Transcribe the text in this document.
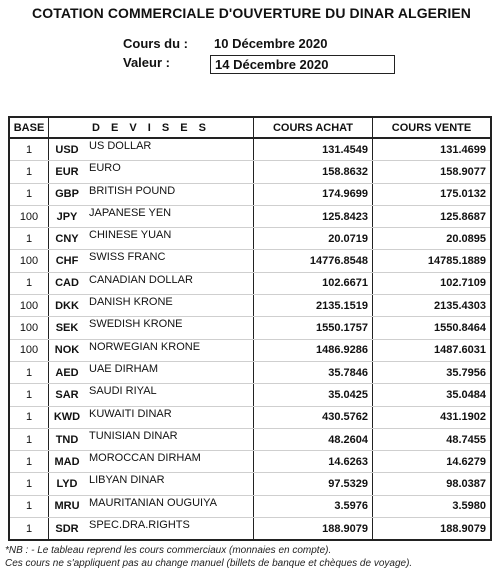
COTATION COMMERCIALE D'OUVERTURE DU DINAR ALGERIEN
Cours du : 10 Décembre 2020
Valeur :	14 Décembre 2020
BASE	D E V I S E S		COURS ACHAT	COURS VENTE
1	USD	US DOLLAR	131.4549	131.4699
1	EUR	EURO	158.8632	158.9077
1	GBP	BRITISH POUND	174.9699	175.0132
100	JPY	JAPANESE YEN	125.8423	125.8687
1	CNY	CHINESE YUAN	20.0719	20.0895
100	CHF	SWISS FRANC	14776.8548	14785.1889
1	CAD	CANADIAN DOLLAR	102.6671	102.7109
100	DKK	DANISH KRONE	2135.1519	2135.4303
100	SEK	SWEDISH KRONE	1550.1757	1550.8464
100	NOK	NORWEGIAN KRONE	1486.9286	1487.6031
1	AED	UAE DIRHAM	35.7846	35.7956
1	SAR	SAUDI RIYAL	35.0425	35.0484
1	KWD	KUWAITI DINAR	430.5762	431.1902
1	TND	TUNISIAN DINAR	48.2604	48.7455
1	MAD	MOROCCAN DIRHAM	14.6263	14.6279
1	LYD	LIBYAN DINAR	97.5329	98.0387
1	MRU	MAURITANIAN OUGUIYA	3.5976	3.5980
1	SDR	SPEC.DRA.RIGHTS	188.9079	188.9079
*NB : - Le tableau reprend les cours commerciaux (monnaies en compte).
Ces cours ne s'appliquent pas au change manuel (billets de banque et chèques de voyage).
